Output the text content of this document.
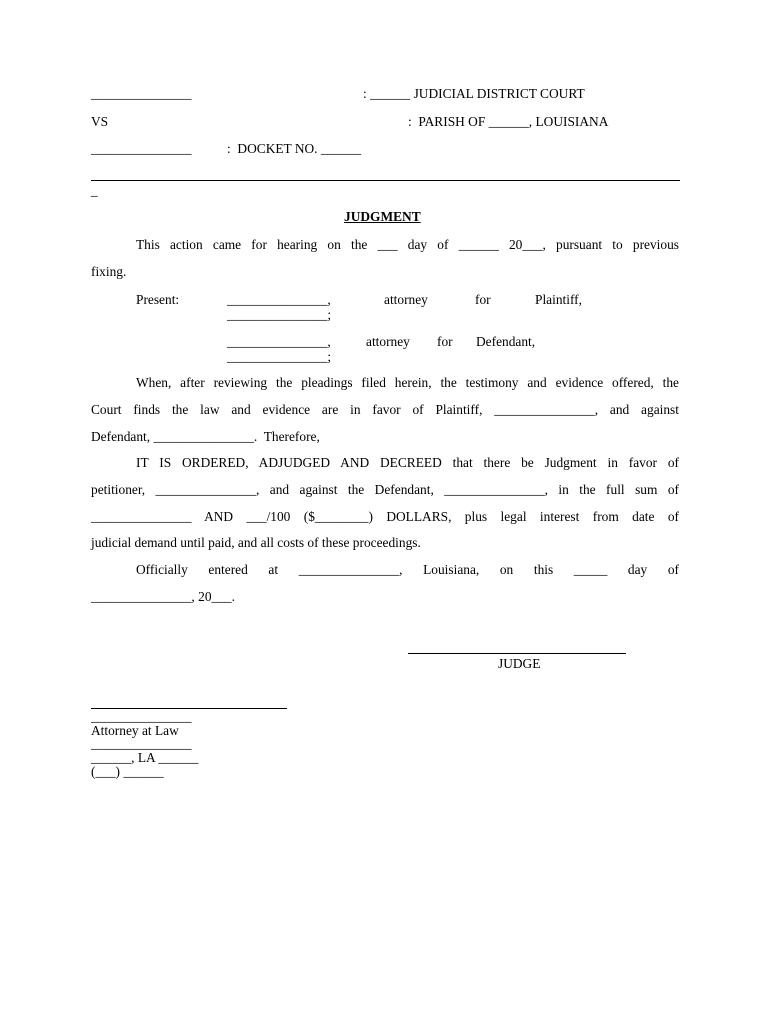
_______________	: ______ JUDICIAL DISTRICT COURT
VS	:  PARISH OF ______, LOUISIANA
_______________	:  DOCKET NO. ______
_
JUDGMENT
This action came for hearing on the ___ day of ______ 20___, pursuant to previous
fixing.
Present:	_______________,	attorney	for	Plaintiff,
_______________;
_______________,	attorney for Defendant,
_______________;
When, after reviewing the pleadings filed herein, the testimony and evidence offered, the
Court finds the law and evidence are in favor of Plaintiff, _______________, and against
Defendant, _______________.  Therefore,
IT IS ORDERED, ADJUDGED AND DECREED that there be Judgment in favor of
petitioner, _______________, and against the Defendant, _______________, in the full sum of
_______________ AND ___/100 ($________) DOLLARS, plus legal interest from date of
judicial demand until paid, and all costs of these proceedings.
Officially entered at _______________, Louisiana, on this _____ day of
_______________, 20___.
JUDGE
_______________
Attorney at Law
_______________
______, LA ______
(___) ______
